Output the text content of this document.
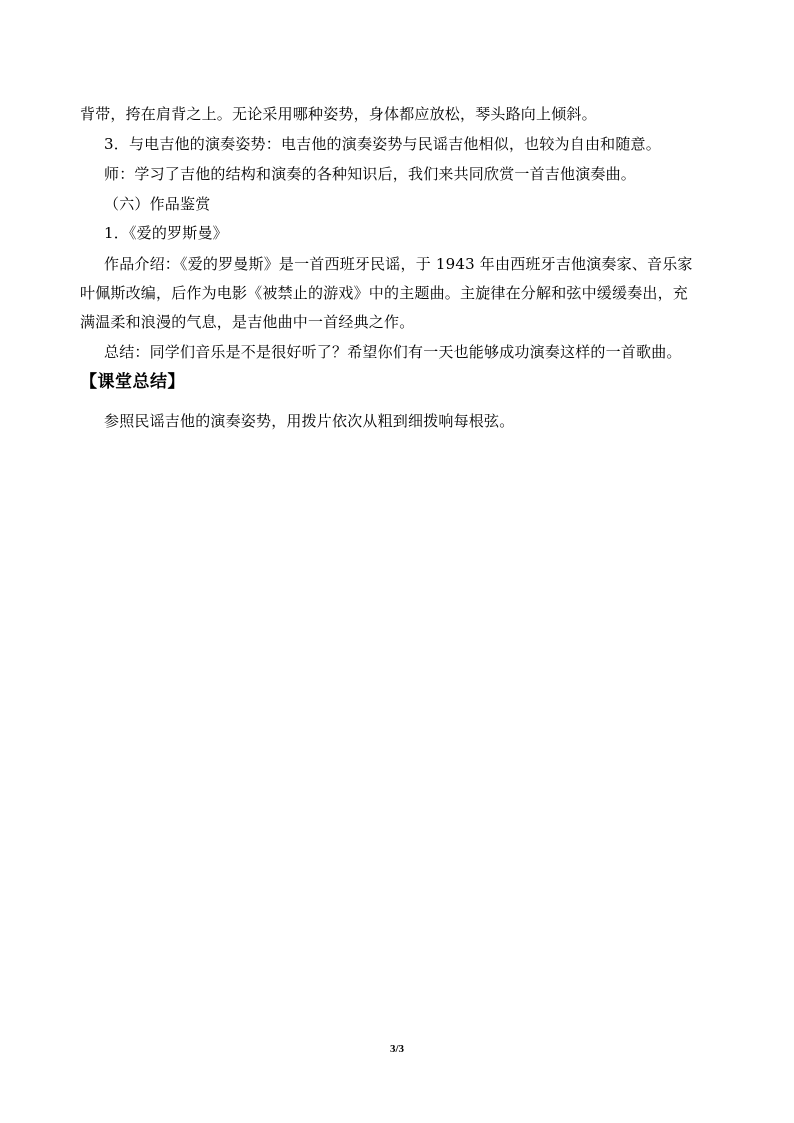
背带，挎在肩背之上。无论采用哪种姿势，身体都应放松，琴头路向上倾斜。
3．与电吉他的演奏姿势：电吉他的演奏姿势与民谣吉他相似，也较为自由和随意。
师：学习了吉他的结构和演奏的各种知识后，我们来共同欣赏一首吉他演奏曲。
（六）作品鉴赏
1．《爱的罗斯曼》
作品介绍：《爱的罗曼斯》是一首西班牙民谣，于 1943 年由西班牙吉他演奏家、音乐家
叶佩斯改编，后作为电影《被禁止的游戏》中的主题曲。主旋律在分解和弦中缓缓奏出，充
满温柔和浪漫的气息，是吉他曲中一首经典之作。
总结：同学们音乐是不是很好听了？希望你们有一天也能够成功演奏这样的一首歌曲。
【课堂总结】
参照民谣吉他的演奏姿势，用拨片依次从粗到细拨响每根弦。
3/3
